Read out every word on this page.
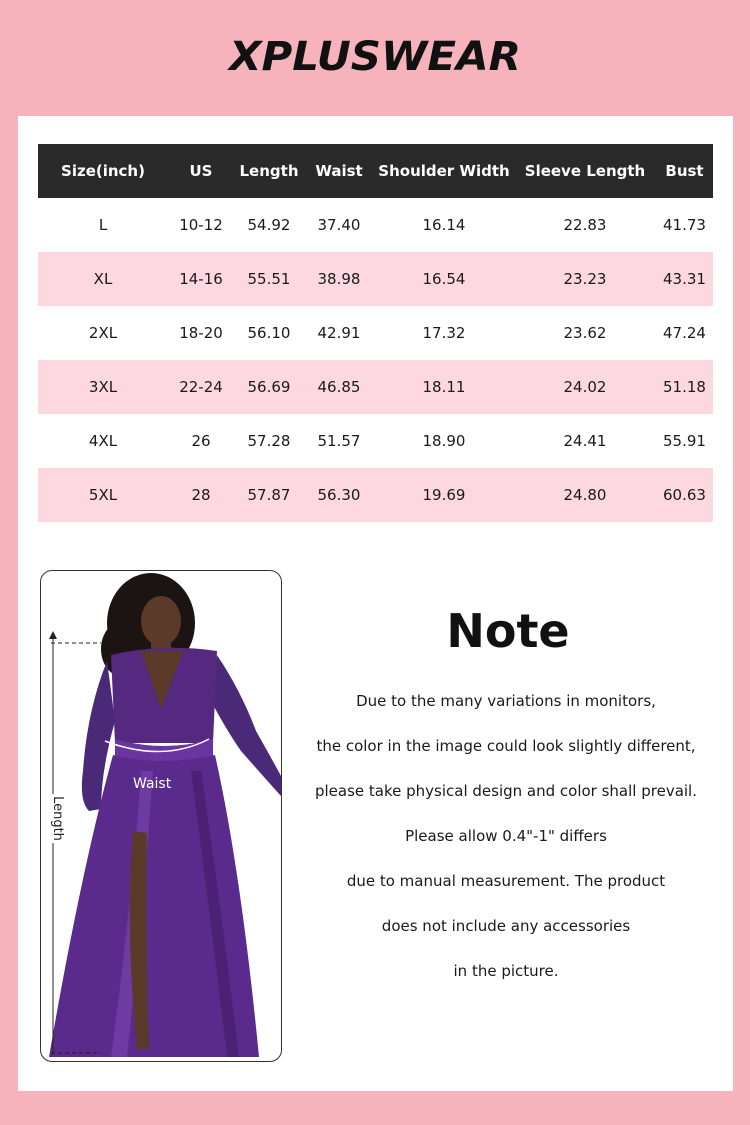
XPLUSWEAR
Size(inch)	US	Length	Waist	Shoulder Width	Sleeve Length	Bust
L	10-12	54.92	37.40	16.14	22.83	41.73
XL	14-16	55.51	38.98	16.54	23.23	43.31
2XL	18-20	56.10	42.91	17.32	23.62	47.24
3XL	22-24	56.69	46.85	18.11	24.02	51.18
4XL	26	57.28	51.57	18.90	24.41	55.91
5XL	28	57.87	56.30	19.69	24.80	60.63
Waist
Length
Note
Due to the many variations in monitors,
the color in the image could look slightly different,
please take physical design and color shall prevail.
Please allow 0.4"-1" differs
due to manual measurement. The product
does not include any accessories
in the picture.
